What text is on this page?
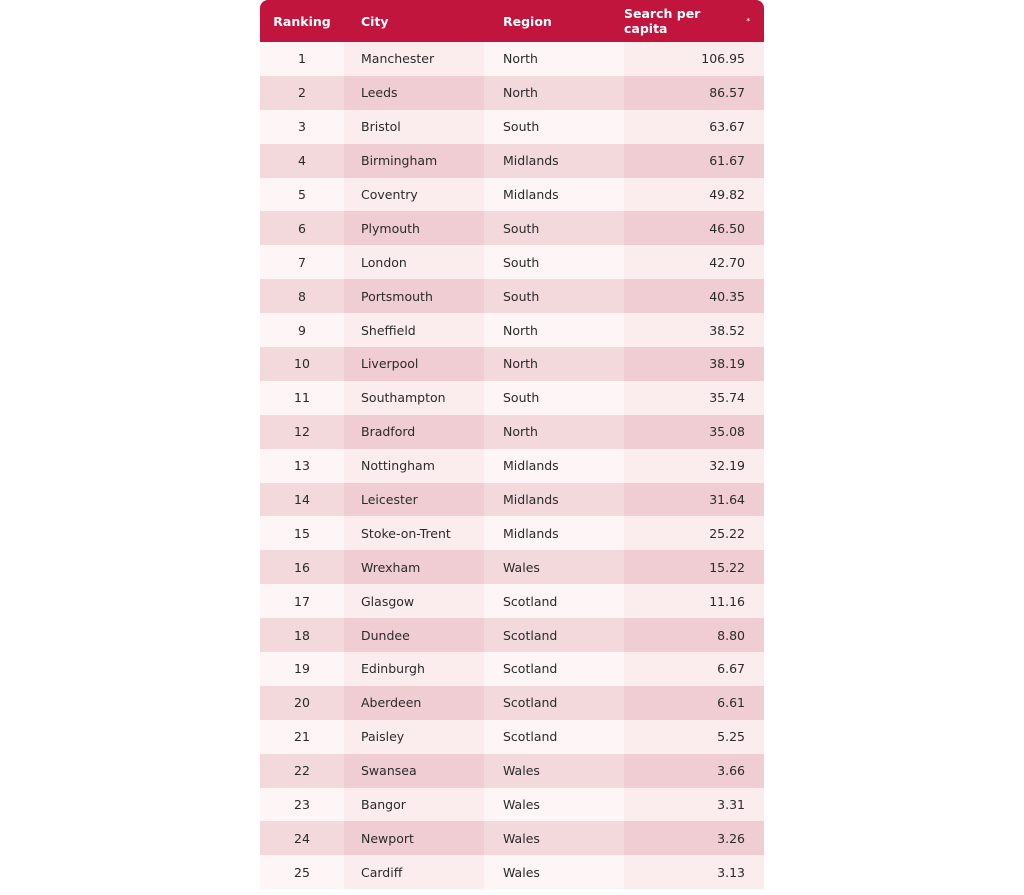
Ranking	City	Region	Search per capita	*
1	Manchester	North	106.95
2	Leeds	North	86.57
3	Bristol	South	63.67
4	Birmingham	Midlands	61.67
5	Coventry	Midlands	49.82
6	Plymouth	South	46.50
7	London	South	42.70
8	Portsmouth	South	40.35
9	Sheffield	North	38.52
10	Liverpool	North	38.19
11	Southampton	South	35.74
12	Bradford	North	35.08
13	Nottingham	Midlands	32.19
14	Leicester	Midlands	31.64
15	Stoke-on-Trent	Midlands	25.22
16	Wrexham	Wales	15.22
17	Glasgow	Scotland	11.16
18	Dundee	Scotland	8.80
19	Edinburgh	Scotland	6.67
20	Aberdeen	Scotland	6.61
21	Paisley	Scotland	5.25
22	Swansea	Wales	3.66
23	Bangor	Wales	3.31
24	Newport	Wales	3.26
25	Cardiff	Wales	3.13
